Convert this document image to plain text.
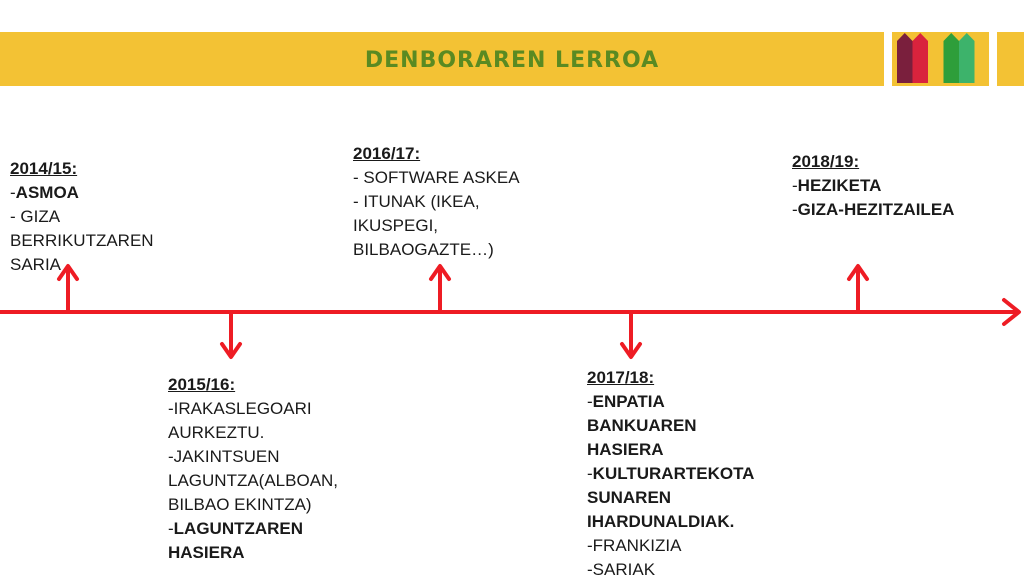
DENBORAREN LERROA
2014/15:
-ASMOA
- GIZA
BERRIKUTZAREN
SARIA
2015/16:
-IRAKASLEGOARI
AURKEZTU.
-JAKINTSUEN
LAGUNTZA(ALBOAN,
BILBAO EKINTZA)
-LAGUNTZAREN
HASIERA
2016/17:
- SOFTWARE ASKEA
- ITUNAK (IKEA,
IKUSPEGI,
BILBAOGAZTE…)
2017/18:
-ENPATIA
BANKUAREN
HASIERA
-KULTURARTEKOTA
SUNAREN
IHARDUNALDIAK.
-FRANKIZIA
-SARIAK
2018/19:
-HEZIKETA
-GIZA-HEZITZAILEA
